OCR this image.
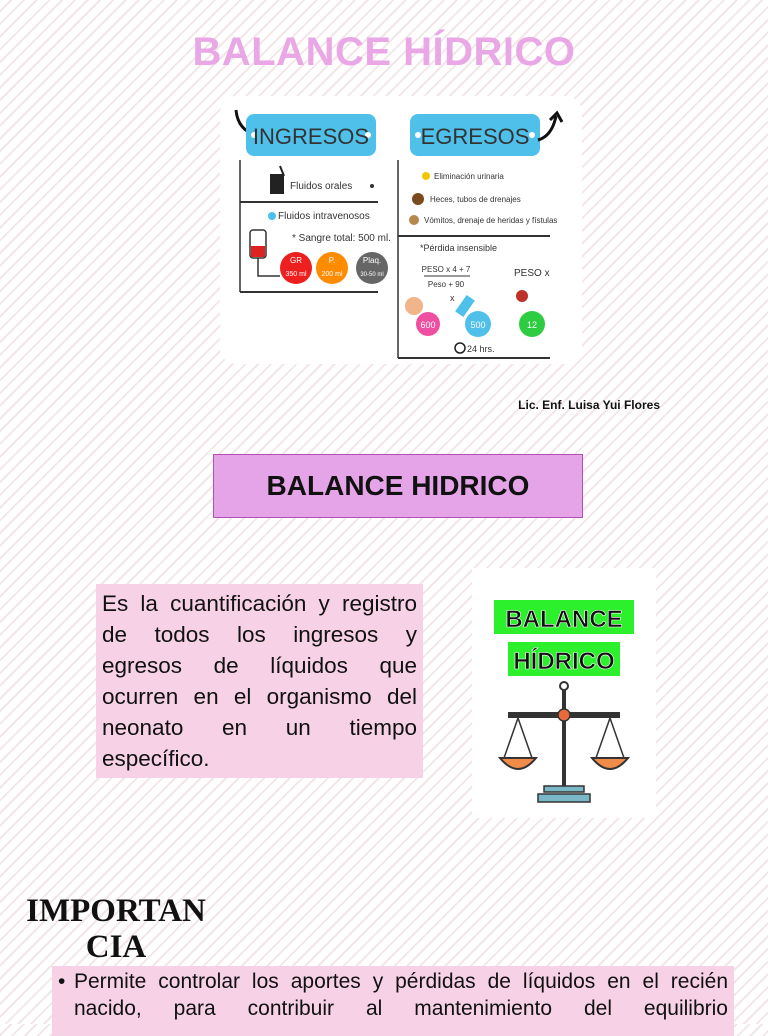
BALANCE HÍDRICO
INGRESOS
Fluidos orales
Fluidos intravenosos
* Sangre total: 500 ml.
GR
350 ml
P.
200 ml
Plaq.
30-50 ml
EGRESOS
Eliminación urinaria
Heces, tubos de drenajes
Vómitos, drenaje de heridas y fístulas
*Pérdida insensible
PESO x 4 + 7
Peso + 90
PESO x
x
600	500	12
24 hrs.
Lic. Enf. Luisa Yui Flores
BALANCE HIDRICO

Es la cuantificación y registro de todos los ingresos y egresos de líquidos que ocurren en el organismo del neonato en un tiempo específico.

BALANCE
HÍDRICO
IMPORTAN
CIA
• Permite controlar los aportes y pérdidas de líquidos en el recién nacido, para contribuir al mantenimiento del equilibrio
